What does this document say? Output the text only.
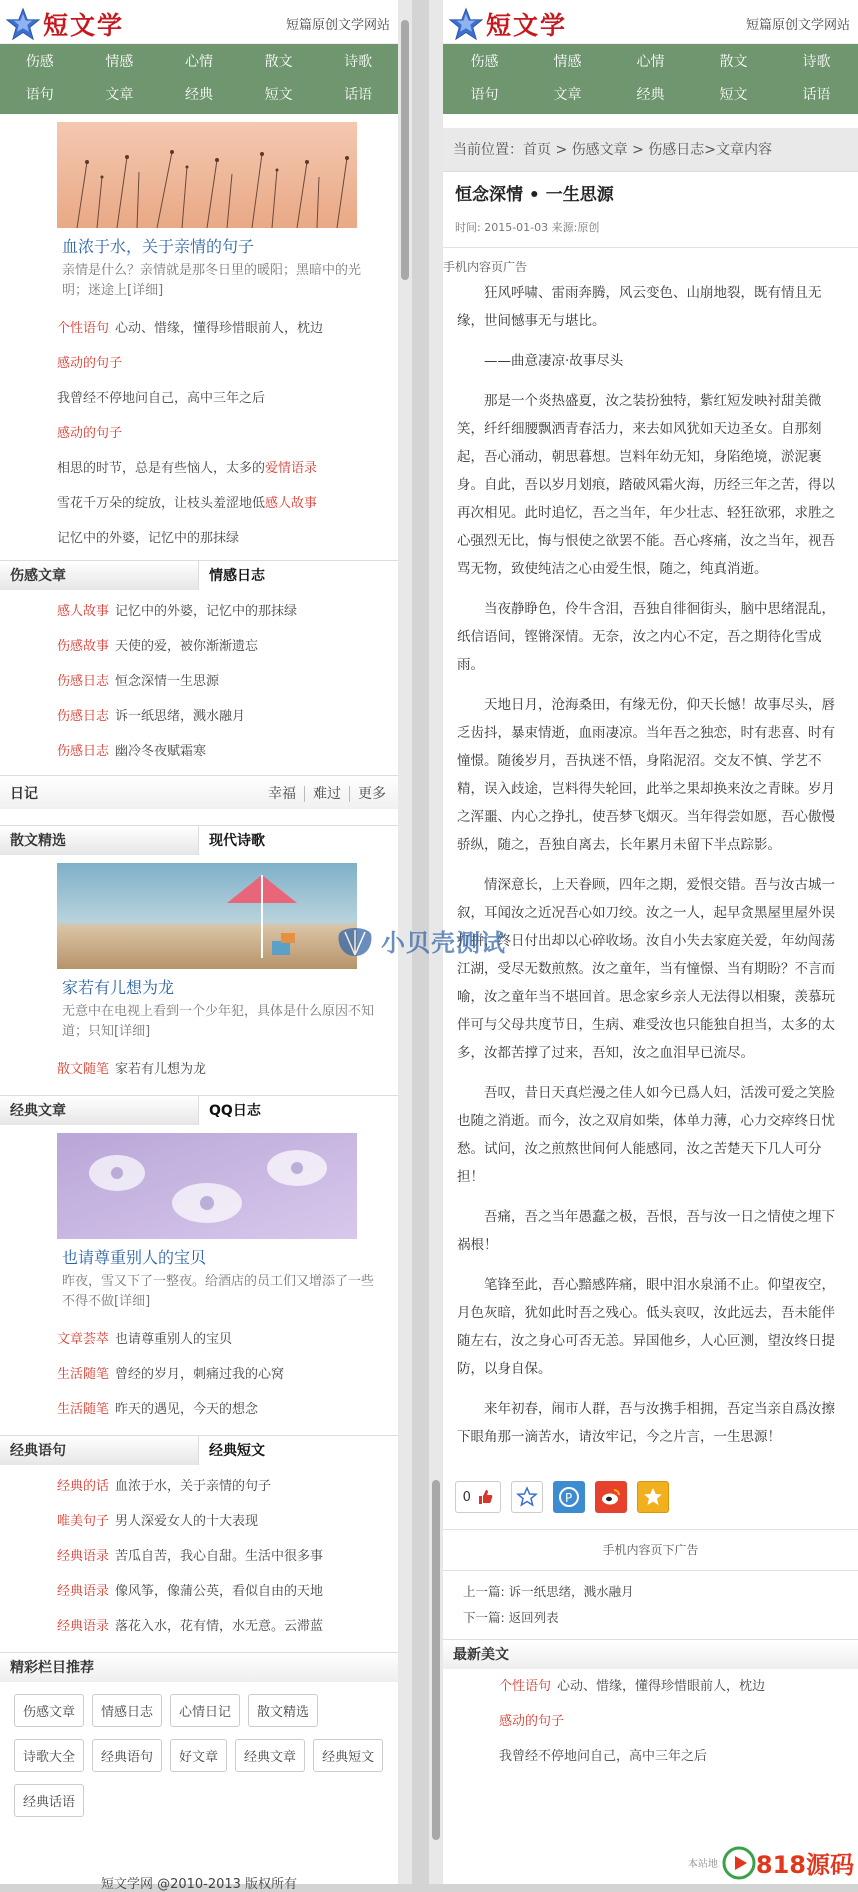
短文学	短篇原创文学网站
伤感	情感	心情	散文	诗歌
语句	文章	经典	短文	话语
血浓于水，关于亲情的句子
亲情是什么？亲情就是那冬日里的暖阳；黑暗中的光明；迷途上[详细]
个性语句 心动、惜缘，懂得珍惜眼前人，枕边
感动的句子
我曾经不停地问自己，高中三年之后
感动的句子
相思的时节，总是有些恼人，太多的爱情语录
雪花千万朵的绽放，让枝头羞涩地低感人故事
记忆中的外婆，记忆中的那抹绿
伤感文章	情感日志
感人故事 记忆中的外婆，记忆中的那抹绿
伤感故事 天使的爱，被你渐渐遗忘
伤感日志 恒念深情一生思源
伤感日志 诉一纸思绪，溅水融月
伤感日志 幽冷冬夜赋霜寒
日记	幸福 难过 更多
散文精选	现代诗歌
家若有儿想为龙
无意中在电视上看到一个少年犯，具体是什么原因不知道；只知[详细]
散文随笔 家若有儿想为龙
经典文章	QQ日志
也请尊重别人的宝贝
昨夜，雪又下了一整夜。给酒店的员工们又增添了一些不得不做[详细]
文章荟萃 也请尊重别人的宝贝
生活随笔 曾经的岁月，刺痛过我的心窝
生活随笔 昨天的遇见，今天的想念
经典语句	经典短文
经典的话 血浓于水，关于亲情的句子
唯美句子 男人深爱女人的十大表现
经典语录 苦瓜自苦，我心自甜。生活中很多事
经典语录 像风筝，像蒲公英，看似自由的天地
经典语录 落花入水，花有情，水无意。云滞蓝
精彩栏目推荐
伤感文章	情感日志	心情日记	散文精选
诗歌大全	经典语句	好文章	经典文章	经典短文
经典话语
短文学网 @2010-2013 版权所有
短文学	短篇原创文学网站
伤感	情感	心情	散文	诗歌
语句	文章	经典	短文	话语
当前位置：首页 > 伤感文章 > 伤感日志>文章内容
恒念深情 • 一生思源
时间: 2015-01-03 来源:原创
手机内容页广告

狂风呼啸、雷雨奔腾，风云变色、山崩地裂，既有情且无缘，世间憾事无与堪比。

——曲意凄凉·故事尽头

那是一个炎热盛夏，汝之装扮独特，紫红短发映衬甜美微笑，纤纤细腰飘洒青春活力，来去如风犹如天边圣女。自那刻起，吾心涌动，朝思暮想。岂料年幼无知，身陷绝境，淤泥裹身。自此，吾以岁月划痕，踏破风霜火海，历经三年之苦，得以再次相见。此时追忆，吾之当年，年少壮志、轻狂欲邪，求胜之心强烈无比，悔与恨使之欲罢不能。吾心疼痛，汝之当年，视吾骂无物，致使纯洁之心由爱生恨，随之，纯真消逝。

当夜静睁色，伶牛含泪，吾独自徘徊街头，脑中思绪混乱，纸信语间，铿锵深情。无奈，汝之内心不定，吾之期待化雪成雨。

天地日月，沧海桑田，有缘无份，仰天长憾！故事尽头，唇乏齿抖，暴束情逝，血雨凄凉。当年吾之独恋，时有悲喜、时有憧憬。随後岁月，吾执迷不悟，身陷泥沼。交友不慎、学艺不精，误入歧途，岂料得失轮回，此举之果却换来汝之青睐。岁月之浑噩、内心之挣扎，使吾梦飞烟灭。当年得尝如愿，吾心傲慢骄纵，随之，吾独自离去，长年累月未留下半点踪影。

情深意长，上天眷顾，四年之期，爱恨交错。吾与汝古城一叙，耳闻汝之近况吾心如刀绞。汝之一人，起早贪黑屋里屋外误打拼，终日付出却以心碎收场。汝自小失去家庭关爱，年幼闯荡江湖，受尽无数煎熬。汝之童年，当有憧憬、当有期盼？不言而喻，汝之童年当不堪回首。思念家乡亲人无法得以相聚，羡慕玩伴可与父母共度节日，生病、难受汝也只能独自担当，太多的太多，汝都苦撑了过来，吾知，汝之血泪早已流尽。

吾叹，昔日天真烂漫之佳人如今已爲人妇，活泼可爱之笑脸也随之消逝。而今，汝之双肩如柴，体单力薄，心力交瘁终日忧愁。试问，汝之煎熬世间何人能感同，汝之苦楚天下几人可分担！

吾痛，吾之当年愚蠢之极，吾恨，吾与汝一日之情使之埋下祸根！

笔锋至此，吾心黯感阵痛，眼中泪水泉涌不止。仰望夜空，月色灰暗，犹如此时吾之残心。低头哀叹，汝此远去，吾未能伴随左右，汝之身心可否无恙。异国他乡，人心叵测，望汝终日提防，以身自保。

来年初春，闹市人群，吾与汝携手相拥，吾定当亲自爲汝擦下眼角那一滴苦水，请汝牢记，今之片言，一生思源！

0	P
手机内容页下广告
上一篇: 诉一纸思绪，溅水融月
下一篇: 返回列表
最新美文
个性语句 心动、惜缘，懂得珍惜眼前人，枕边
感动的句子
我曾经不停地问自己，高中三年之后
本站地 818源码
小贝壳测试
